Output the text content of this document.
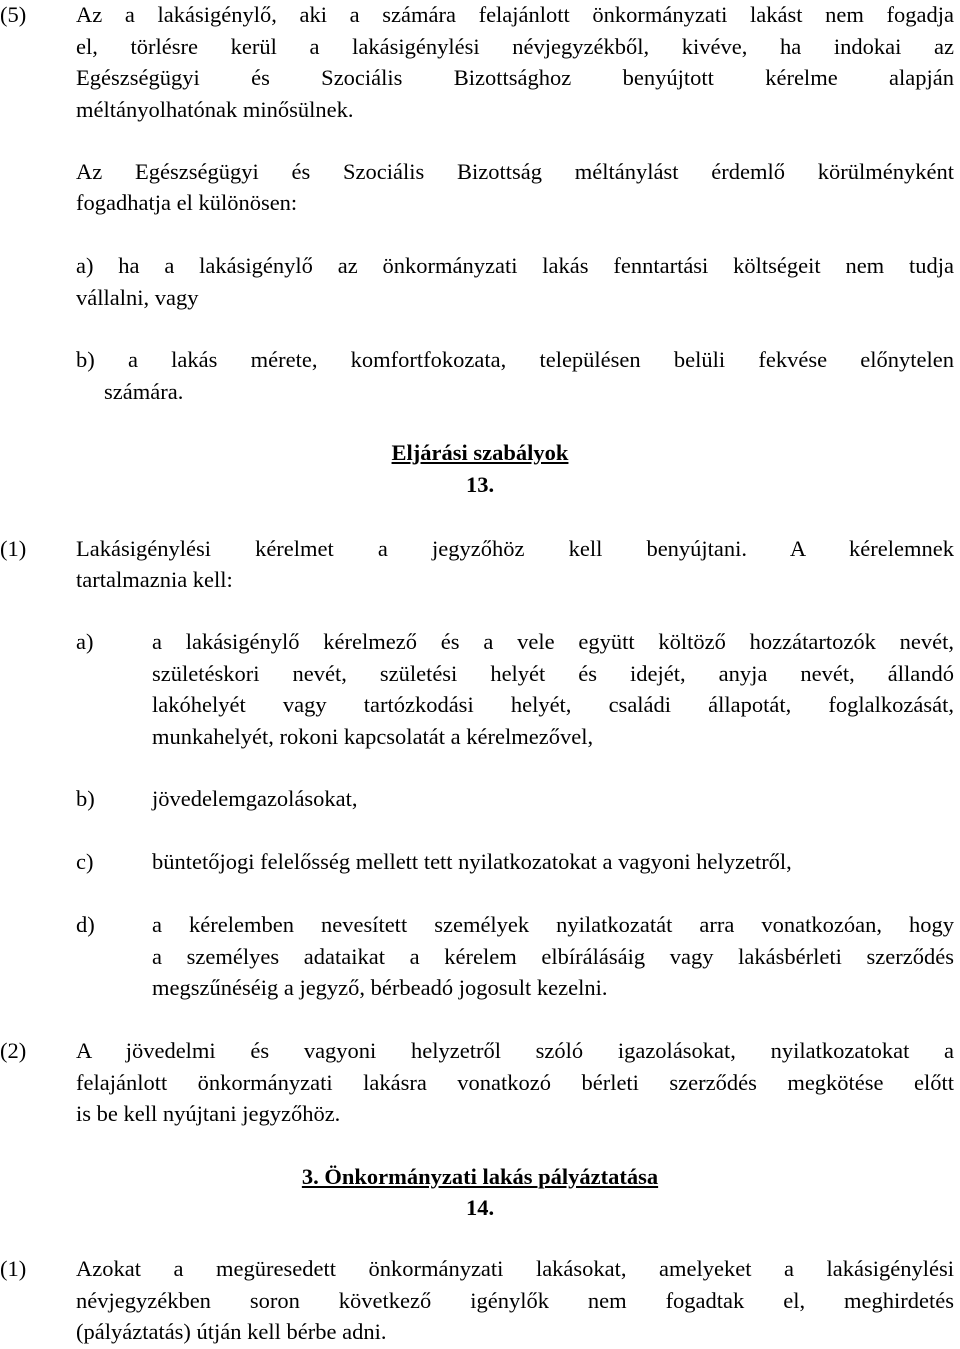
(5) Az a lakásigénylő, aki a számára felajánlott önkormányzati lakást nem fogadja
el, törlésre kerül a lakásigénylési névjegyzékből, kivéve, ha indokai az
Egészségügyi és Szociális Bizottsághoz benyújtott kérelme alapján
méltányolhatónak minősülnek.
Az Egészségügyi és Szociális Bizottság méltánylást érdemlő körülményként
fogadhatja el különösen:
a) ha a lakásigénylő az önkormányzati lakás fenntartási költségeit nem tudja
vállalni, vagy
b) a lakás mérete, komfortfokozata, településen belüli fekvése előnytelen
számára.
Eljárási szabályok
13.
(1) Lakásigénylési kérelmet a jegyzőhöz kell benyújtani. A kérelemnek
tartalmaznia kell:
a)	a lakásigénylő kérelmező és a vele együtt költöző hozzátartozók nevét,
születéskori nevét, születési helyét és idejét, anyja nevét, állandó
lakóhelyét vagy tartózkodási helyét, családi állapotát, foglalkozását,
munkahelyét, rokoni kapcsolatát a kérelmezővel,
b)	jövedelemgazolásokat,
c)	büntetőjogi felelősség mellett tett nyilatkozatokat a vagyoni helyzetről,
d)	a kérelemben nevesített személyek nyilatkozatát arra vonatkozóan, hogy
a személyes adataikat a kérelem elbírálásáig vagy lakásbérleti szerződés
megszűnéséig a jegyző, bérbeadó jogosult kezelni.
(2) A jövedelmi és vagyoni helyzetről szóló igazolásokat, nyilatkozatokat a
felajánlott önkormányzati lakásra vonatkozó bérleti szerződés megkötése előtt
is be kell nyújtani jegyzőhöz.
3. Önkormányzati lakás pályáztatása
14.
(1) Azokat a megüresedett önkormányzati lakásokat, amelyeket a lakásigénylési
névjegyzékben soron következő igénylők nem fogadtak el, meghirdetés
(pályáztatás) útján kell bérbe adni.
